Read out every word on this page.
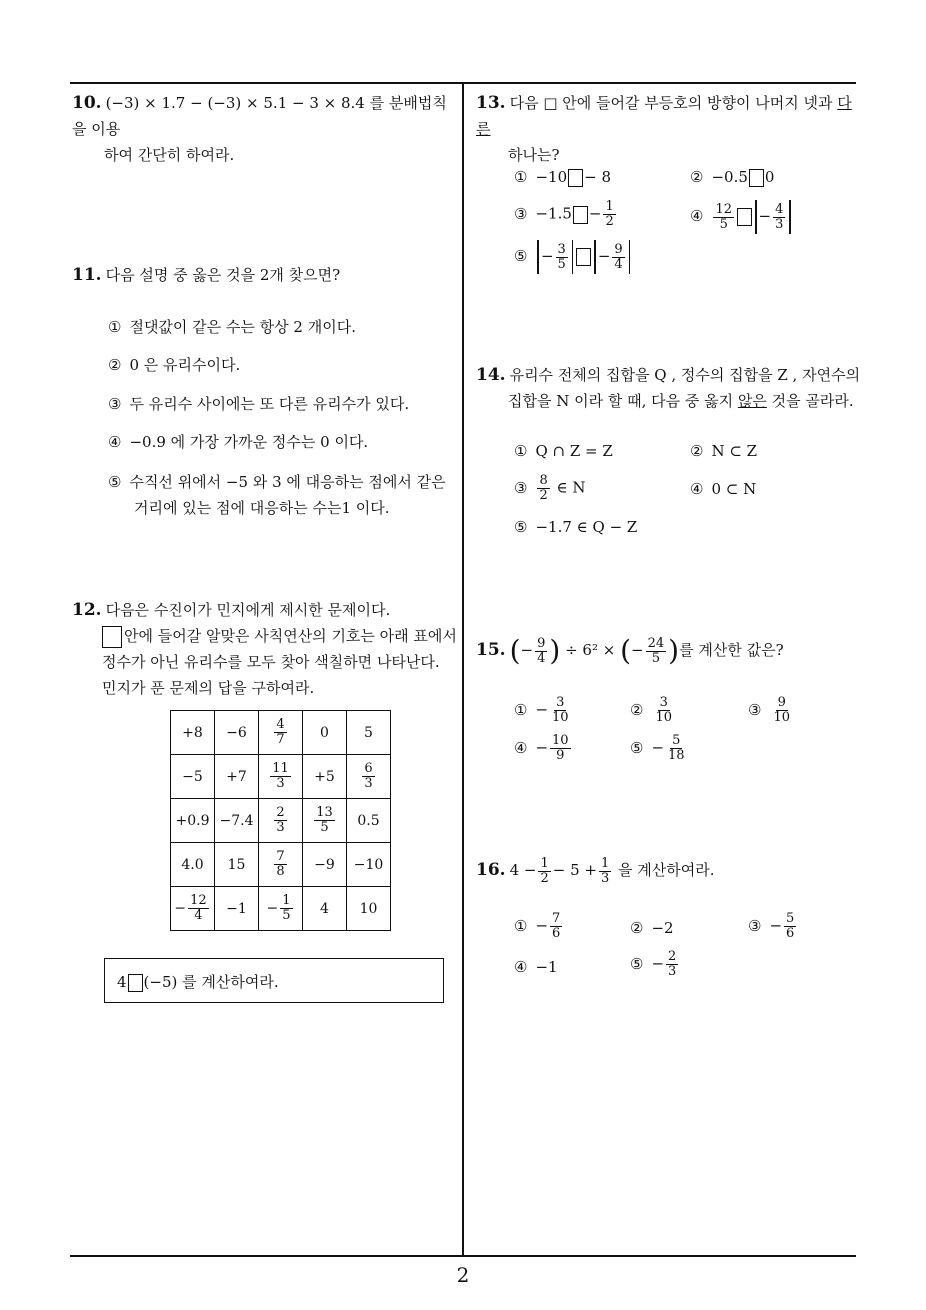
2
10. (−3) × 1.7 − (−3) × 5.1 − 3 × 8.4 를 분배법칙을 이용
하여 간단히 하여라.
11. 다음 설명 중 옳은 것을 2개 찾으면?
① 절댓값이 같은 수는 항상 2 개이다.
② 0 은 유리수이다.
③ 두 유리수 사이에는 또 다른 유리수가 있다.
④ −0.9 에 가장 가까운 정수는 0 이다.
⑤ 수직선 위에서 −5 와 3 에 대응하는 점에서 같은
거리에 있는 점에 대응하는 수는1 이다.
12. 다음은 수진이가 민지에게 제시한 문제이다.
안에 들어갈 알맞은 사칙연산의 기호는 아래 표에서
정수가 아닌 유리수를 모두 찾아 색칠하면 나타난다.
민지가 푼 문제의 답을 구하여라.
+8	−6	$\frac{4}{7}$	0	5
−5	+7	$\frac{11}{3}$	+5	$\frac{6}{3}$

+0.9	−7.4	$\frac{2}{3}$	$\frac{13}{5}$	0.5
4.0	15	$\frac{7}{8}$	−9	−10
− $\frac{12}{4}$	−1	− $\frac{1}{5}$	4	10
4 (−5) 를 계산하여라.
13. 다음 □ 안에 들어갈 부등호의 방향이 나머지 넷과 다른
하나는?
① −10 − 8	② −0.5 0
③ $-1.5 - \frac{1}{2}$	④ $\frac{12}{5} - \frac{4}{3}$
⑤ − $\frac{3}{5} - \frac{9}{4}$
14. 유리수 전체의 집합을 Q , 정수의 집합을 Z , 자연수의
집합을 N 이라 할 때, 다음 중 옳지 않은 것을 골라라.
① Q ∩ Z = Z	② N ⊂ Z
③ $\frac{8}{2}$ ∈ N	④ 0 ⊂ N
⑤ −1.7 ∈ Q − Z
15. (− $\frac{9}{4}$ ) ÷ 6² × (− $\frac{24}{5}$ )를 계산한 값은?
① − $\frac{3}{10}$	② $\frac{3}{10}$	③ $\frac{9}{10}$
④ − $\frac{10}{9}$	⑤ − $\frac{5}{18}$
16. $4 - \frac{1}{2} - 5 + \frac{1}{3}$ 을 계산하여라.
① − $\frac{7}{6}$	② −2	③ − $\frac{5}{6}$
④ −1	⑤ − $\frac{2}{3}$
